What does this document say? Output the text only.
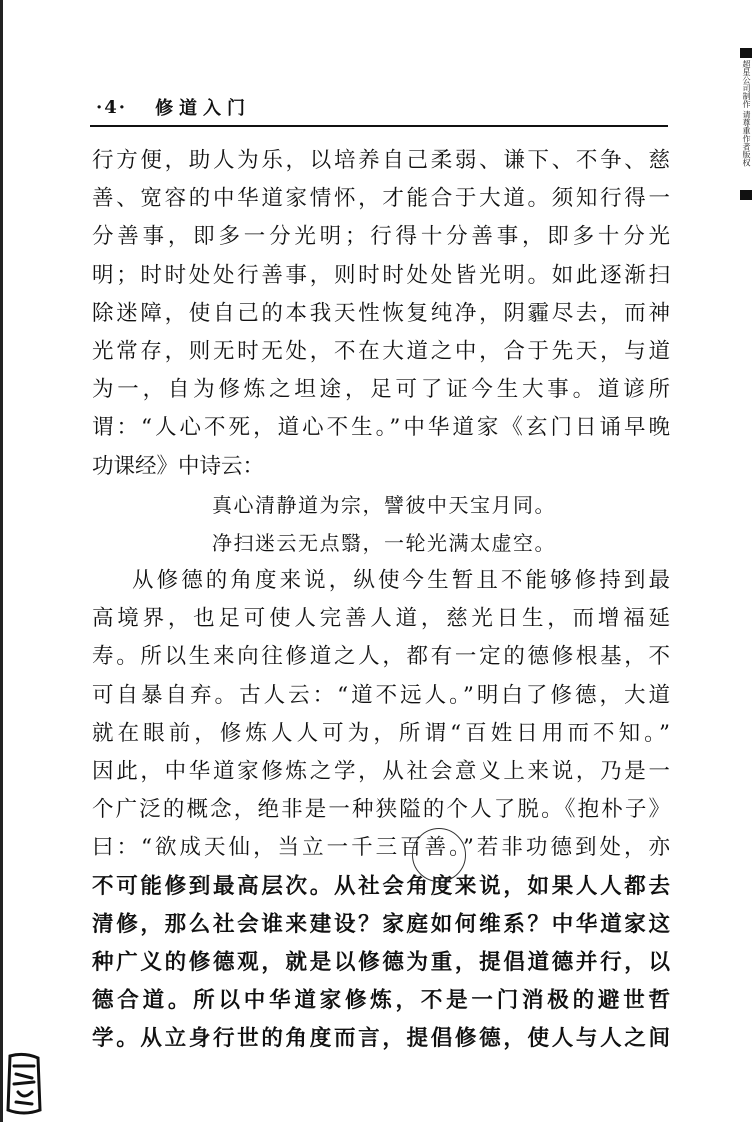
超星公司制作 请尊重作者版权
·4· 修道入门
行方便，助人为乐，以培养自己柔弱、谦下、不争、慈
善、宽容的中华道家情怀，才能合于大道。须知行得一
分善事，即多一分光明；行得十分善事，即多十分光
明；时时处处行善事，则时时处处皆光明。如此逐渐扫
除迷障，使自己的本我天性恢复纯净，阴霾尽去，而神
光常存，则无时无处，不在大道之中，合于先天，与道
为一，自为修炼之坦途，足可了证今生大事。道谚所
谓：“人心不死，道心不生。”中华道家《玄门日诵早晚
功课经》中诗云：
真心清静道为宗，譬彼中天宝月同。
净扫迷云无点翳，一轮光满太虚空。
从修德的角度来说，纵使今生暂且不能够修持到最
高境界，也足可使人完善人道，慈光日生，而增福延
寿。所以生来向往修道之人，都有一定的德修根基，不
可自暴自弃。古人云：“道不远人。”明白了修德，大道
就在眼前，修炼人人可为，所谓“百姓日用而不知。”
因此，中华道家修炼之学，从社会意义上来说，乃是一
个广泛的概念，绝非是一种狭隘的个人了脱。《抱朴子》
曰：“欲成天仙，当立一千三百善。”若非功德到处，亦
不可能修到最高层次。从社会角度来说，如果人人都去
清修，那么社会谁来建设？家庭如何维系？中华道家这
种广义的修德观，就是以修德为重，提倡道德并行，以
德合道。所以中华道家修炼，不是一门消极的避世哲
学。从立身行世的角度而言，提倡修德，使人与人之间
